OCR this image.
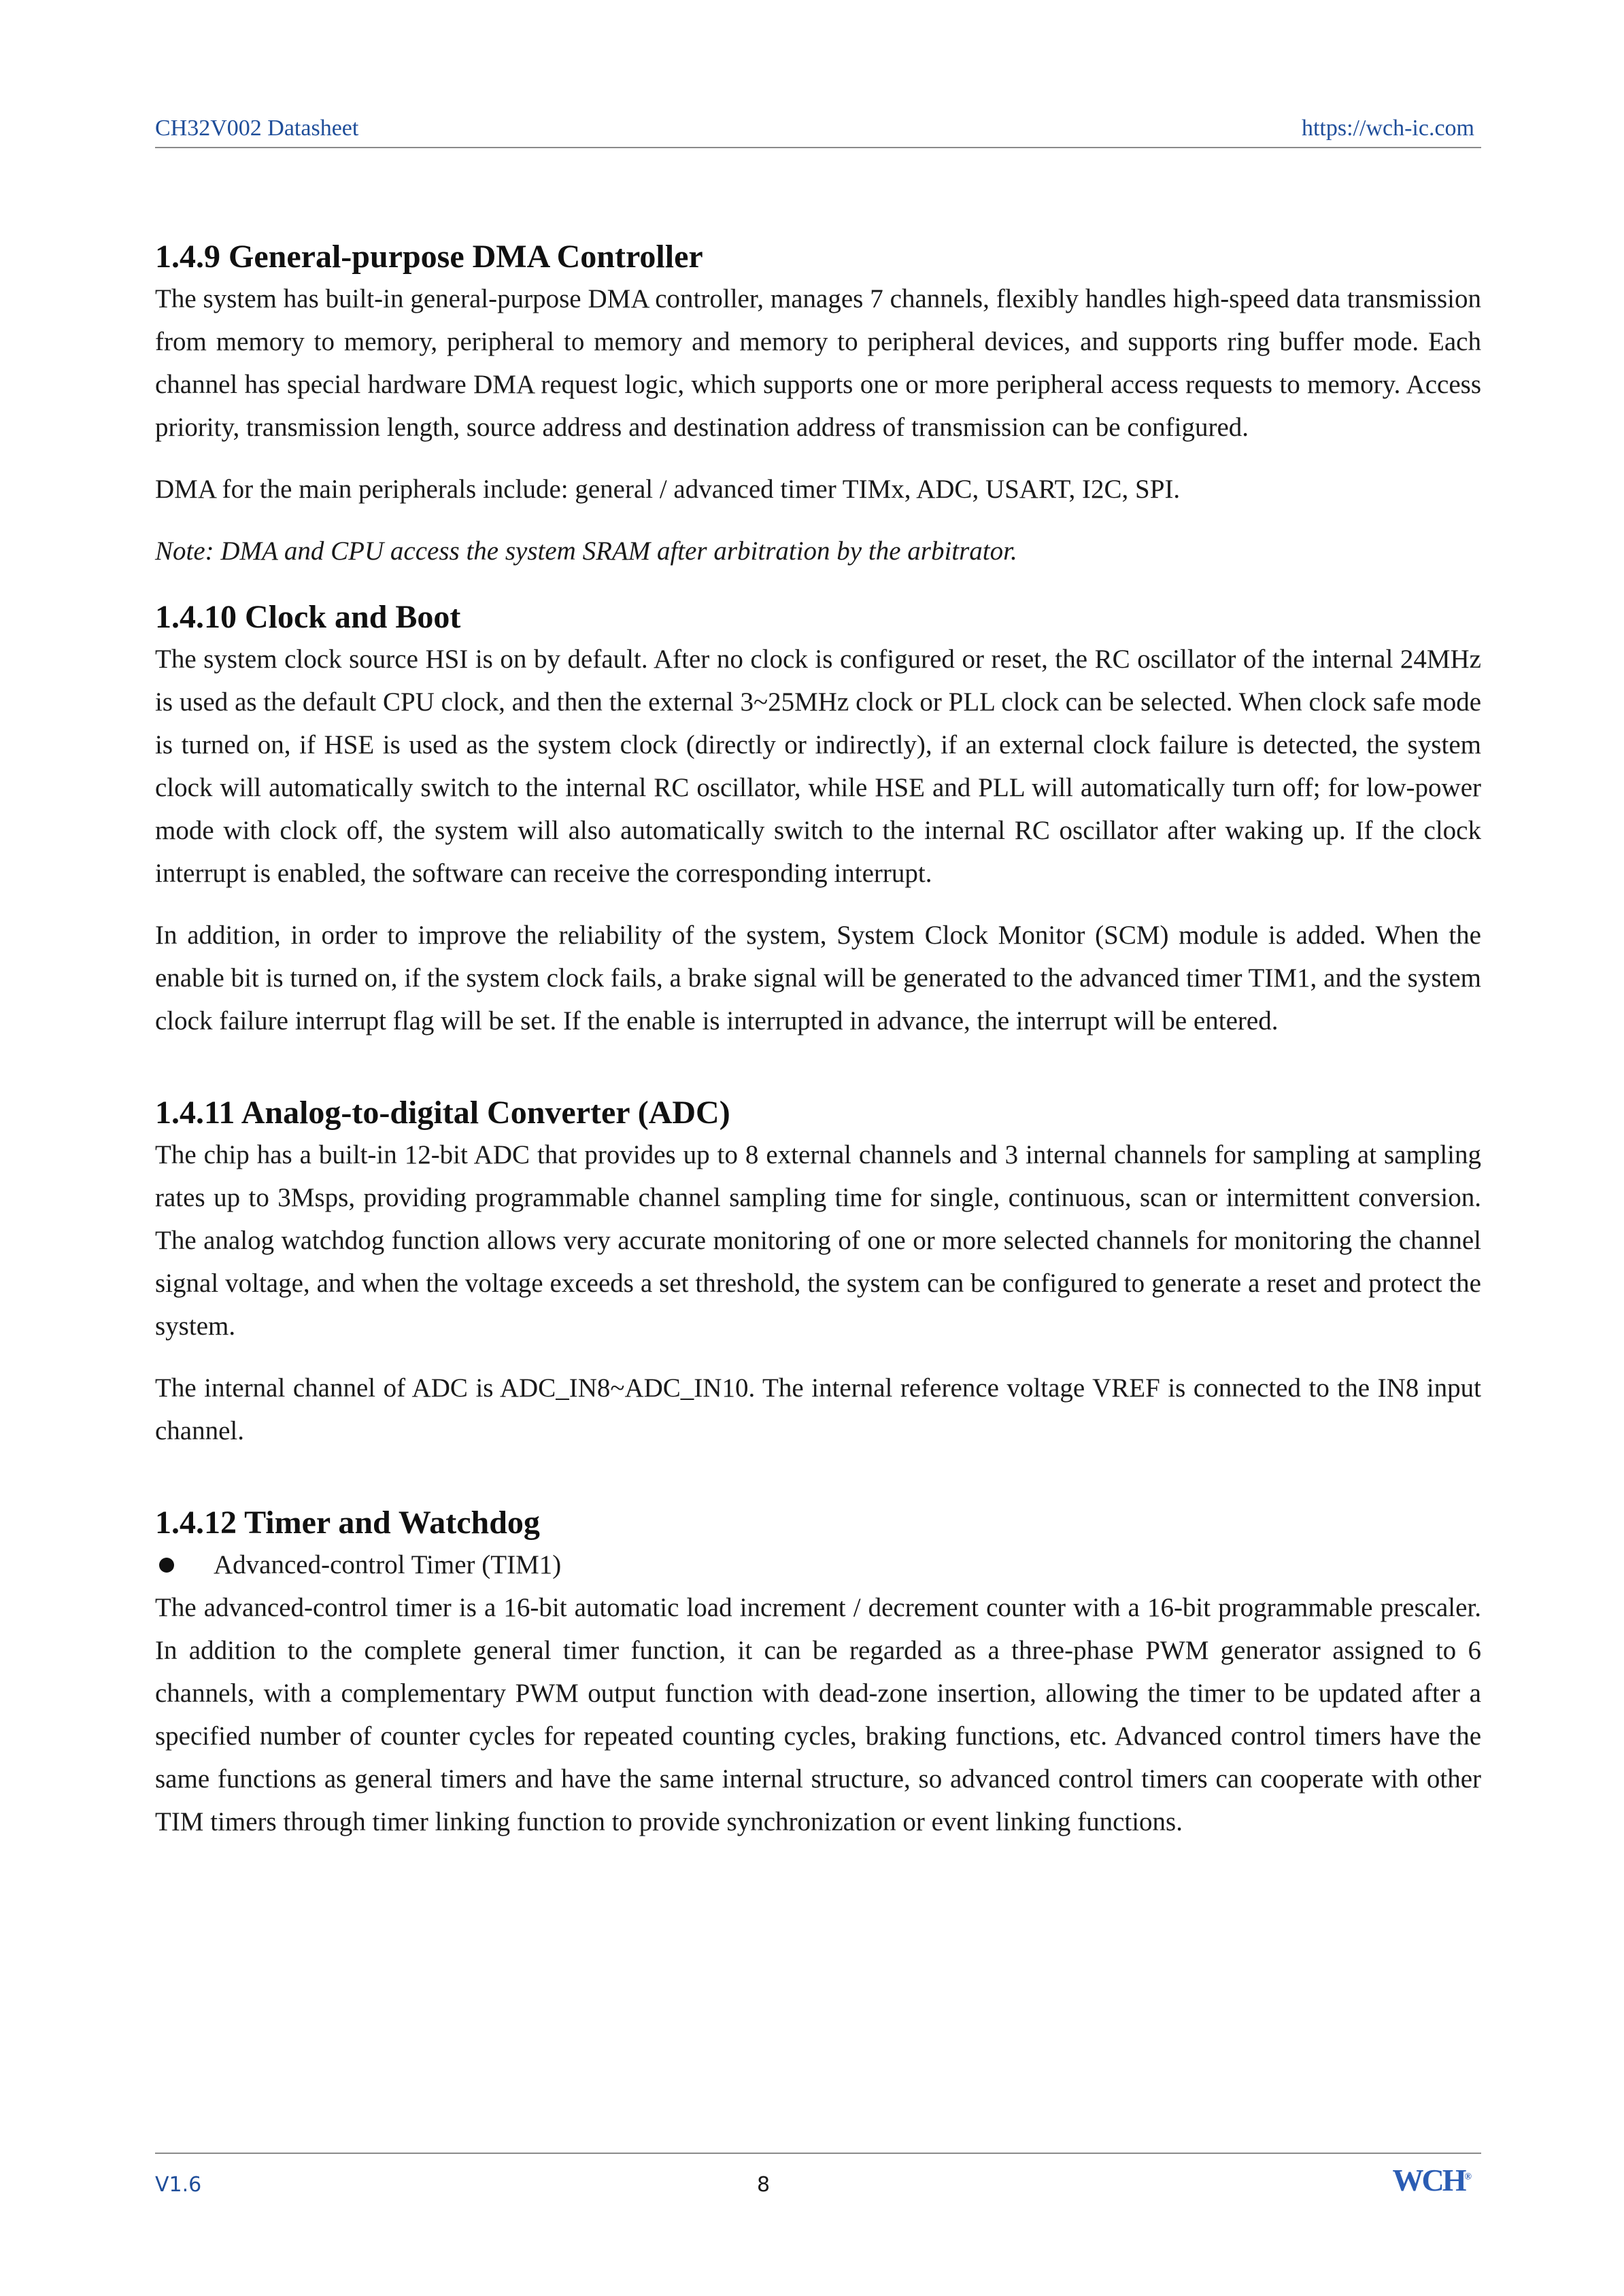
CH32V002 Datasheet	https://wch-ic.com
1.4.9 General-purpose DMA Controller

The system has built-in general-purpose DMA controller, manages 7 channels, flexibly handles high-speed data transmission from memory to memory, peripheral to memory and memory to peripheral devices, and supports ring buffer mode. Each channel has special hardware DMA request logic, which supports one or more peripheral access requests to memory. Access priority, transmission length, source address and destination address of transmission can be configured.

DMA for the main peripherals include: general / advanced timer TIMx, ADC, USART, I2C, SPI.

Note: DMA and CPU access the system SRAM after arbitration by the arbitrator.

1.4.10 Clock and Boot

The system clock source HSI is on by default. After no clock is configured or reset, the RC oscillator of the internal 24MHz is used as the default CPU clock, and then the external 3~25MHz clock or PLL clock can be selected. When clock safe mode is turned on, if HSE is used as the system clock (directly or indirectly), if an external clock failure is detected, the system clock will automatically switch to the internal RC oscillator, while HSE and PLL will automatically turn off; for low-power mode with clock off, the system will also automatically switch to the internal RC oscillator after waking up. If the clock interrupt is enabled, the software can receive the corresponding interrupt.

In addition, in order to improve the reliability of the system, System Clock Monitor (SCM) module is added. When the enable bit is turned on, if the system clock fails, a brake signal will be generated to the advanced timer TIM1, and the system clock failure interrupt flag will be set. If the enable is interrupted in advance, the interrupt will be entered.

1.4.11 Analog-to-digital Converter (ADC)

The chip has a built-in 12-bit ADC that provides up to 8 external channels and 3 internal channels for sampling at sampling rates up to 3Msps, providing programmable channel sampling time for single, continuous, scan or intermittent conversion. The analog watchdog function allows very accurate monitoring of one or more selected channels for monitoring the channel signal voltage, and when the voltage exceeds a set threshold, the system can be configured to generate a reset and protect the system.

The internal channel of ADC is ADC_IN8~ADC_IN10. The internal reference voltage VREF is connected to the IN8 input channel.

1.4.12 Timer and Watchdog
Advanced-control Timer (TIM1)

The advanced-control timer is a 16-bit automatic load increment / decrement counter with a 16-bit programmable prescaler. In addition to the complete general timer function, it can be regarded as a three-phase PWM generator assigned to 6 channels, with a complementary PWM output function with dead-zone insertion, allowing the timer to be updated after a specified number of counter cycles for repeated counting cycles, braking functions, etc. Advanced control timers have the same functions as general timers and have the same internal structure, so advanced control timers can cooperate with other TIM timers through timer linking function to provide synchronization or event linking functions.

V1.6	8	WCH®
